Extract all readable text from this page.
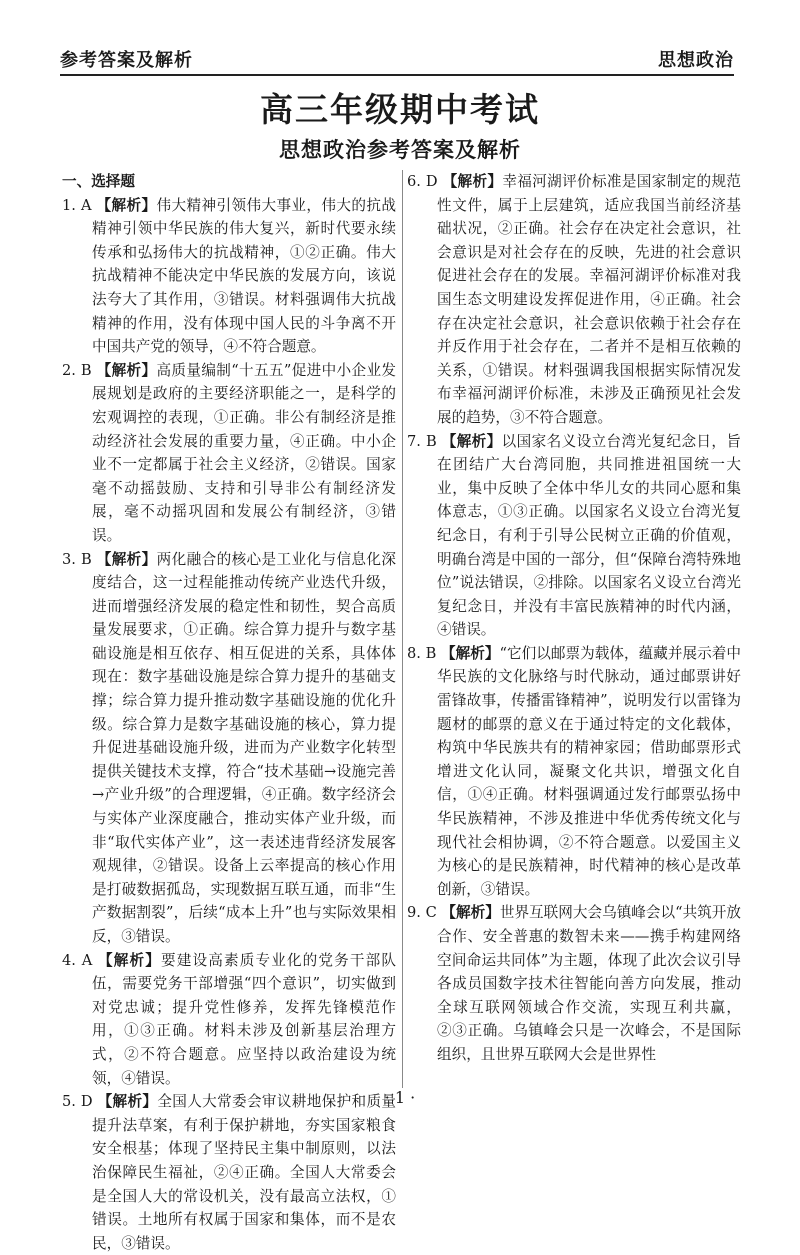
参考答案及解析	思想政治
高三年级期中考试
思想政治参考答案及解析
一、选择题

1. A 【解析】伟大精神引领伟大事业，伟大的抗战精神引领中华民族的伟大复兴，新时代要永续传承和弘扬伟大的抗战精神，①②正确。伟大抗战精神不能决定中华民族的发展方向，该说法夸大了其作用，③错误。材料强调伟大抗战精神的作用，没有体现中国人民的斗争离不开中国共产党的领导，④不符合题意。

2. B 【解析】高质量编制“十五五”促进中小企业发展规划是政府的主要经济职能之一，是科学的宏观调控的表现，①正确。非公有制经济是推动经济社会发展的重要力量，④正确。中小企业不一定都属于社会主义经济，②错误。国家毫不动摇鼓励、支持和引导非公有制经济发展，毫不动摇巩固和发展公有制经济，③错误。

3. B 【解析】两化融合的核心是工业化与信息化深度结合，这一过程能推动传统产业迭代升级，进而增强经济发展的稳定性和韧性，契合高质量发展要求，①正确。综合算力提升与数字基础设施是相互依存、相互促进的关系，具体体现在：数字基础设施是综合算力提升的基础支撑；综合算力提升推动数字基础设施的优化升级。综合算力是数字基础设施的核心，算力提升促进基础设施升级，进而为产业数字化转型提供关键技术支撑，符合“技术基础→设施完善→产业升级”的合理逻辑，④正确。数字经济会与实体产业深度融合，推动实体产业升级，而非“取代实体产业”，这一表述违背经济发展客观规律，②错误。设备上云率提高的核心作用是打破数据孤岛，实现数据互联互通，而非“生产数据割裂”，后续“成本上升”也与实际效果相反，③错误。

4. A 【解析】要建设高素质专业化的党务干部队伍，需要党务干部增强“四个意识”，切实做到对党忠诚；提升党性修养，发挥先锋模范作用，①③正确。材料未涉及创新基层治理方式，②不符合题意。应坚持以政治建设为统领，④错误。

5. D 【解析】全国人大常委会审议耕地保护和质量提升法草案，有利于保护耕地，夯实国家粮食安全根基；体现了坚持民主集中制原则，以法治保障民生福祉，②④正确。全国人大常委会是全国人大的常设机关，没有最高立法权，①错误。土地所有权属于国家和集体，而不是农民，③错误。

6. D 【解析】幸福河湖评价标准是国家制定的规范性文件，属于上层建筑，适应我国当前经济基础状况，②正确。社会存在决定社会意识，社会意识是对社会存在的反映，先进的社会意识促进社会存在的发展。幸福河湖评价标准对我国生态文明建设发挥促进作用，④正确。社会存在决定社会意识，社会意识依赖于社会存在并反作用于社会存在，二者并不是相互依赖的关系，①错误。材料强调我国根据实际情况发布幸福河湖评价标准，未涉及正确预见社会发展的趋势，③不符合题意。

7. B 【解析】以国家名义设立台湾光复纪念日，旨在团结广大台湾同胞，共同推进祖国统一大业，集中反映了全体中华儿女的共同心愿和集体意志，①③正确。以国家名义设立台湾光复纪念日，有利于引导公民树立正确的价值观，明确台湾是中国的一部分，但“保障台湾特殊地位”说法错误，②排除。以国家名义设立台湾光复纪念日，并没有丰富民族精神的时代内涵，④错误。

8. B 【解析】“它们以邮票为载体，蕴藏并展示着中华民族的文化脉络与时代脉动，通过邮票讲好雷锋故事，传播雷锋精神”，说明发行以雷锋为题材的邮票的意义在于通过特定的文化载体，构筑中华民族共有的精神家园；借助邮票形式增进文化认同，凝聚文化共识，增强文化自信，①④正确。材料强调通过发行邮票弘扬中华民族精神，不涉及推进中华优秀传统文化与现代社会相协调，②不符合题意。以爱国主义为核心的是民族精神，时代精神的核心是改革创新，③错误。

9. C 【解析】世界互联网大会乌镇峰会以“共筑开放合作、安全普惠的数智未来——携手构建网络空间命运共同体”为主题，体现了此次会议引导各成员国数字技术往智能向善方向发展，推动全球互联网领域合作交流，实现互利共赢，②③正确。乌镇峰会只是一次峰会，不是国际组织，且世界互联网大会是世界性

· 1 ·
